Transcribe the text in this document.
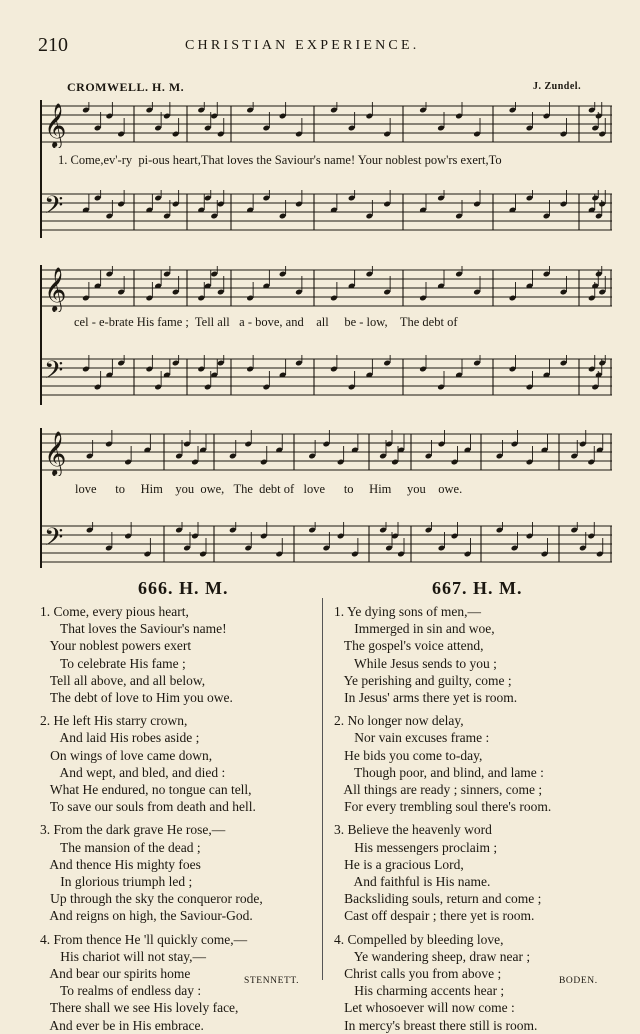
210	CHRISTIAN EXPERIENCE.
CROMWELL. H. M.	J. Zundel.
𝄞
𝄢
𝄞
𝄢
𝄞
𝄢
1. Come,ev'-ry  pi-ous heart,That loves the Saviour's name! Your noblest pow'rs exert,To
cel - e-brate His fame ;  Tell all   a - bove, and    all     be - low,    The debt of
love      to     Him    you  owe,   The  debt of   love      to     Him     you    owe.
666. H. M.
1. Come, every pious heart,
That loves the Saviour's name!
Your noblest powers exert
To celebrate His fame ;
Tell all above, and all below,
The debt of love to Him you owe.
2. He left His starry crown,
And laid His robes aside ;
On wings of love came down,
And wept, and bled, and died :
What He endured, no tongue can tell,
To save our souls from death and hell.
3. From the dark grave He rose,—
The mansion of the dead ;
And thence His mighty foes
In glorious triumph led ;
Up through the sky the conqueror rode,
And reigns on high, the Saviour-God.
4. From thence He 'll quickly come,—
His chariot will not stay,—
And bear our spirits home
To realms of endless day :
There shall we see His lovely face,
And ever be in His embrace.
STENNETT.
667. H. M.
1. Ye dying sons of men,—
Immerged in sin and woe,
The gospel's voice attend,
While Jesus sends to you ;
Ye perishing and guilty, come ;
In Jesus' arms there yet is room.
2. No longer now delay,
Nor vain excuses frame :
He bids you come to-day,
Though poor, and blind, and lame :
All things are ready ; sinners, come ;
For every trembling soul there's room.
3. Believe the heavenly word
His messengers proclaim ;
He is a gracious Lord,
And faithful is His name.
Backsliding souls, return and come ;
Cast off despair ; there yet is room.
4. Compelled by bleeding love,
Ye wandering sheep, draw near ;
Christ calls you from above ;
His charming accents hear ;
Let whosoever will now come :
In mercy's breast there still is room.
BODEN.
